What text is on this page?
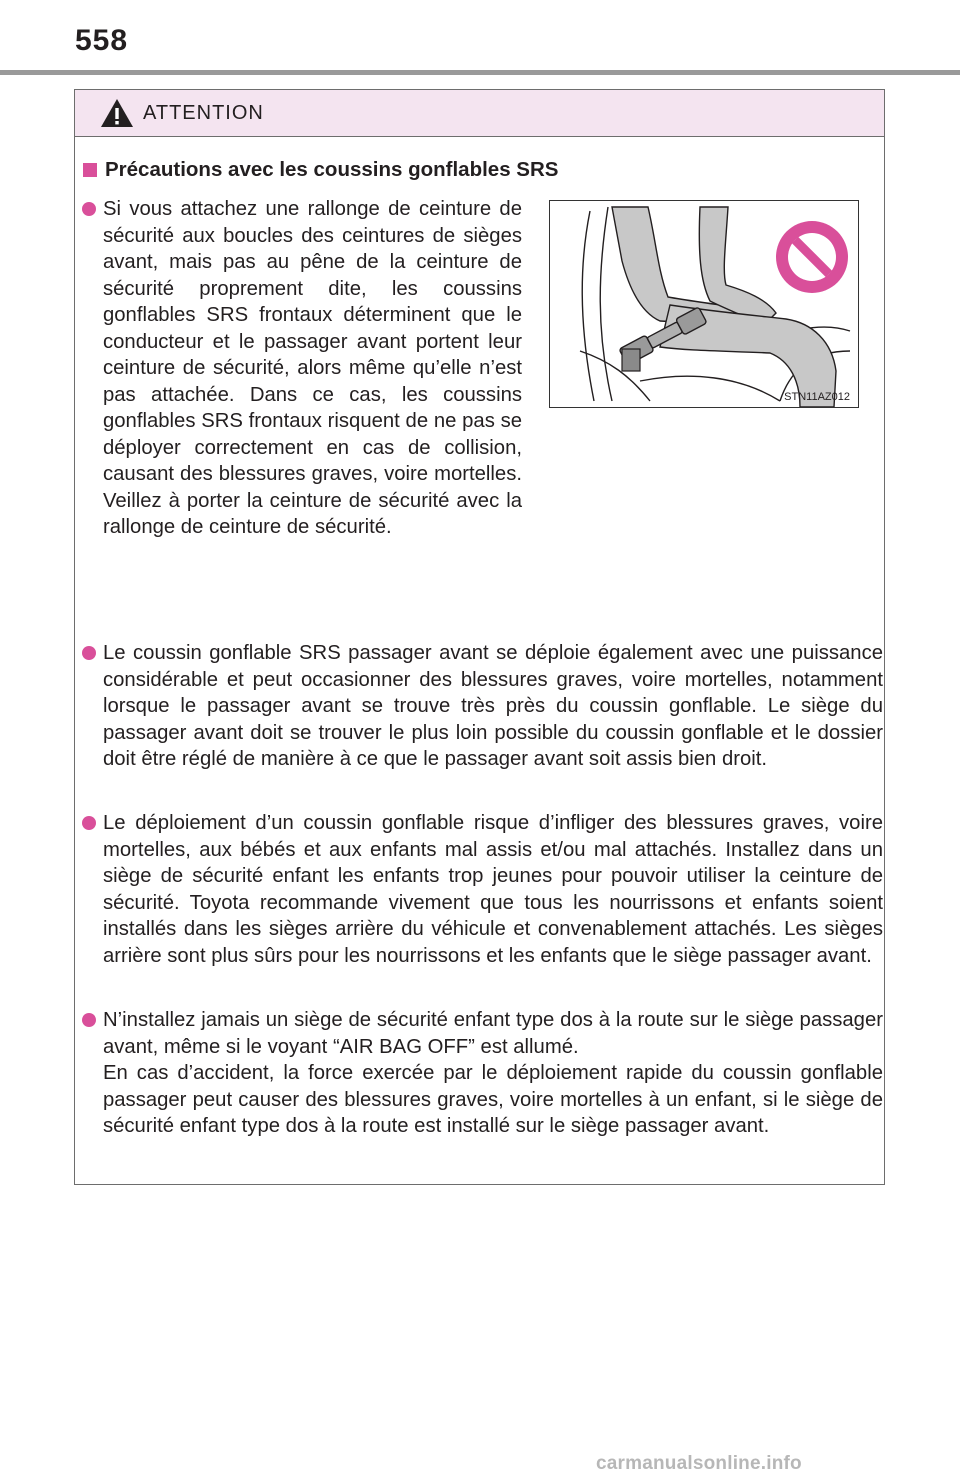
558
ATTENTION
Précautions avec les coussins gonflables SRS

Si vous attachez une rallonge de ceinture de sécurité aux boucles des ceintures de sièges avant, mais pas au pêne de la ceinture de sécurité proprement dite, les coussins gonflables SRS frontaux déterminent que le conducteur et le passager avant portent leur ceinture de sécurité, alors même qu’elle n’est pas attachée. Dans ce cas, les coussins gonflables SRS frontaux risquent de ne pas se déployer correctement en cas de collision, causant des blessures graves, voire mortelles. Veillez à porter la ceinture de sécurité avec la rallonge de ceinture de sécurité.

STN11AZ012

Le coussin gonflable SRS passager avant se déploie également avec une puissance considérable et peut occasionner des blessures graves, voire mortelles, notamment lorsque le passager avant se trouve très près du coussin gonflable. Le siège du passager avant doit se trouver le plus loin possible du coussin gonflable et le dossier doit être réglé de manière à ce que le passager avant soit assis bien droit.

Le déploiement d’un coussin gonflable risque d’infliger des blessures graves, voire mortelles, aux bébés et aux enfants mal assis et/ou mal attachés. Installez dans un siège de sécurité enfant les enfants trop jeunes pour pouvoir utiliser la ceinture de sécurité. Toyota recommande vivement que tous les nourrissons et enfants soient installés dans les sièges arrière du véhicule et convenablement attachés. Les sièges arrière sont plus sûrs pour les nourrissons et les enfants que le siège passager avant.

N’installez jamais un siège de sécurité enfant type dos à la route sur le siège passager avant, même si le voyant “AIR BAG OFF” est allumé.

En cas d’accident, la force exercée par le déploiement rapide du coussin gonflable passager peut causer des blessures graves, voire mortelles à un enfant, si le siège de sécurité enfant type dos à la route est installé sur le siège passager avant.

carmanualsonline.info
